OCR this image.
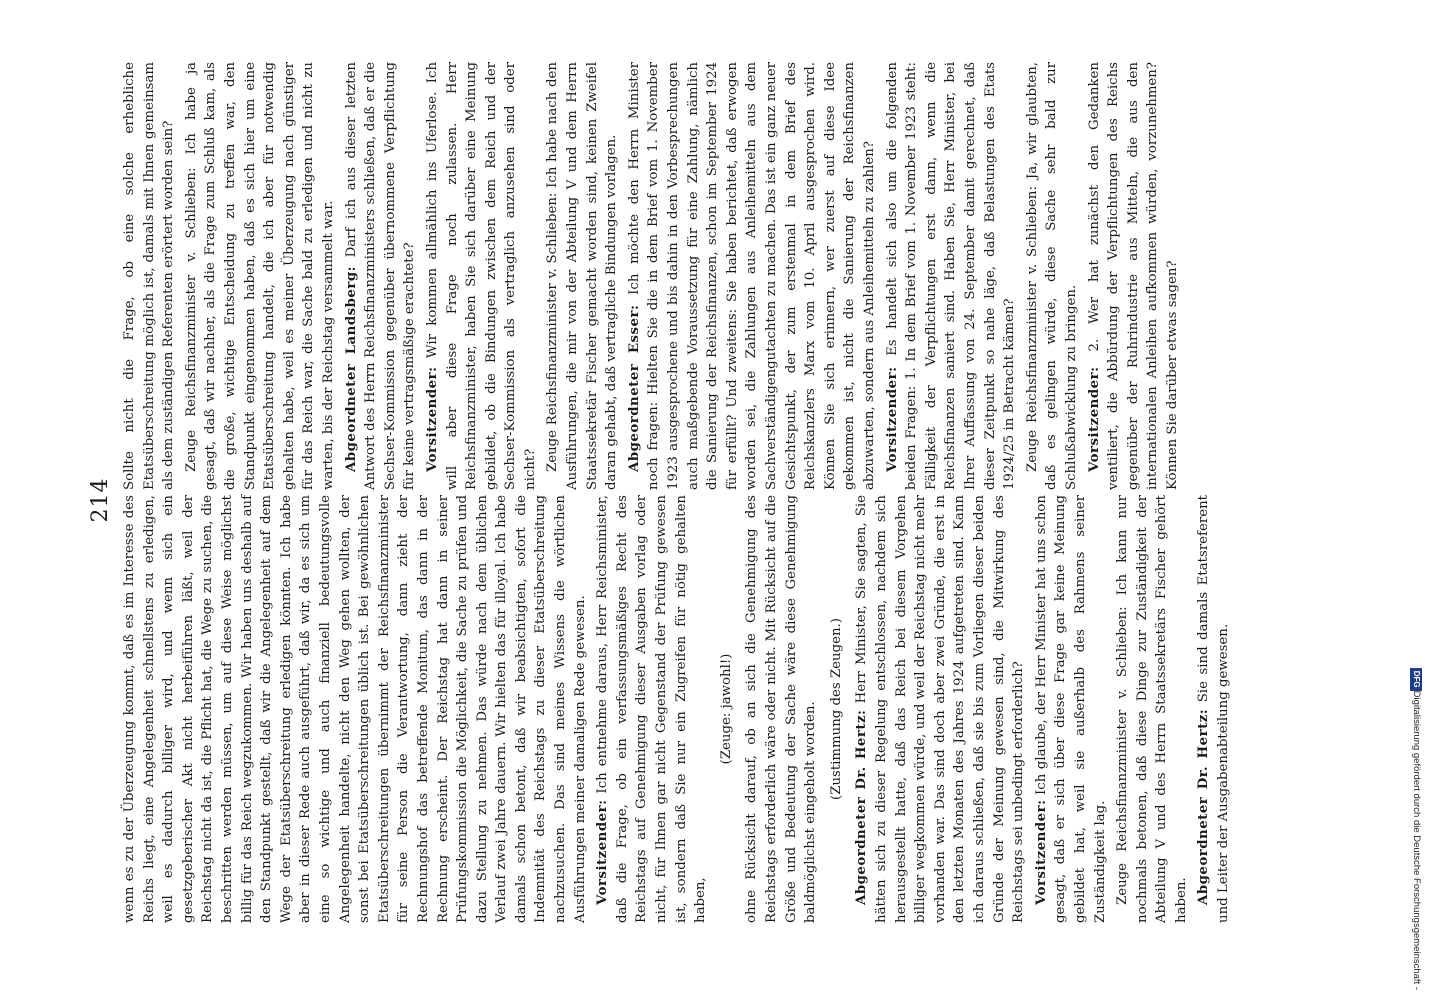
214 wenn es zu der Überzeugung kommt, daß es im Interesse des Reichs liegt, eine Angelegenheit schnellstens zu erledigen, weil es dadurch billiger wird, und wenn sich ein gesetzgeberischer Akt nicht herbeiführen läßt, weil der Reichstag nicht da ist, die Pflicht hat, die Wege zu suchen, die beschritten werden müssen, um auf diese Weise möglichst billig für das Reich wegzukommen. Wir haben uns deshalb auf den Standpunkt gestellt, daß wir die Angelegenheit auf dem Wege der Etatsüberschreitung erledigen könnten. Ich habe aber in dieser Rede auch ausgeführt, daß wir, da es sich um eine so wichtige und auch finanziell bedeutungsvolle Angelegenheit handelte, nicht den Weg gehen wollten, der sonst bei Etatsüberschreitungen üblich ist. Bei gewöhnlichen Etatsüberschreitungen übernimmt der Reichsfinanzminister für seine Person die Verantwortung, dann zieht der Rechnungshof das betreffende Monitum, das dann in der Rechnung erscheint. Der Reichstag hat dann in seiner Prüfungskommission die Möglichkeit, die Sache zu prüfen und dazu Stellung zu nehmen. Das würde nach dem üblichen Verlauf zwei Jahre dauern. Wir hielten das für illoyal. Ich habe damals schon betont, daß wir beabsichtigten, sofort die Indemnität des Reichstags zu dieser Etatsüberschreitung nachzusuchen. Das sind meines Wissens die wörtlichen Ausführungen meiner damaligen Rede gewesen. Vorsitzender: Ich entnehme daraus, Herr Reichsminister, daß die Frage, ob ein verfassungsmäßiges Recht des Reichstags auf Genehmigung dieser Ausgaben vorlag oder nicht, für Ihnen gar nicht Gegenstand der Prüfung gewesen ist, sondern daß Sie nur ein Zugreifen für nötig gehalten haben,

(Zeuge: jawohl!) ohne Rücksicht darauf, ob an sich die Genehmigung des Reichstags erforderlich wäre oder nicht. Mit Rücksicht auf die Größe und Bedeutung der Sache wäre diese Genehmigung baldmöglichst eingeholt worden. (Zustimmung des Zeugen.)

Abgeordneter Dr. Hertz: Herr Minister, Sie sagten, Sie hätten sich zu dieser Regelung entschlossen, nachdem sich herausgestellt hatte, daß das Reich bei diesem Vorgehen billiger wegkommen würde, und weil der Reichstag nicht mehr vorhanden war. Das sind doch aber zwei Gründe, die erst in den letzten Monaten des Jahres 1924 aufgetreten sind. Kann ich daraus schließen, daß sie bis zum Vorliegen dieser beiden Gründe der Meinung gewesen sind, die Mitwirkung des Reichstags sei unbedingt erforderlich? Vorsitzender: Ich glaube, der Herr Minister hat uns schon gesagt, daß er sich über diese Frage gar keine Meinung gebildet hat, weil sie außerhalb des Rahmens seiner Zuständigkeit lag. Zeuge Reichsfinanzminister v. Schlieben: Ich kann nur nochmals betonen, daß diese Dinge zur Zuständigkeit der Abteilung V und des Herrn Staatssekretärs Fischer gehört haben. Abgeordneter Dr. Hertz: Sie sind damals Etatsreferent und Leiter der Ausgabenabteilung gewesen.

Sollte nicht die Frage, ob eine solche erhebliche Etatsüberschreitung möglich ist, damals mit Ihnen gemeinsam als dem zuständigen Referenten erörtert worden sein? Zeuge Reichsfinanzminister v. Schlieben: Ich habe ja gesagt, daß wir nachher, als die Frage zum Schluß kam, als die große, wichtige Entscheidung zu treffen war, den Standpunkt eingenommen haben, daß es sich hier um eine Etatsüberschreitung handelt, die ich aber für notwendig gehalten habe, weil es meiner Überzeugung nach günstiger für das Reich war, die Sache bald zu erledigen und nicht zu warten, bis der Reichstag versammelt war. Abgeordneter Landsberg: Darf ich aus dieser letzten Antwort des Herrn Reichsfinanzministers schließen, daß er die Sechser-Kommission gegenüber übernommene Verpflichtung für keine vertragsmäßige erachtete? Vorsitzender: Wir kommen allmählich ins Uferlose. Ich will aber diese Frage noch zulassen. Herr Reichsfinanzminister, haben Sie sich darüber eine Meinung gebildet, ob die Bindungen zwischen dem Reich und der Sechser-Kommission als vertraglich anzusehen sind oder nicht? Zeuge Reichsfinanzminister v. Schlieben: Ich habe nach den Ausführungen, die mir von der Abteilung V und dem Herrn Staatssekretär Fischer gemacht worden sind, keinen Zweifel daran gehabt, daß vertragliche Bindungen vorlagen. Abgeordneter Esser: Ich möchte den Herrn Minister noch fragen: Hielten Sie die in dem Brief vom 1. November 1923 ausgesprochene und bis dahin in den Vorbesprechungen auch maßgebende Voraussetzung für eine Zahlung, nämlich die Sanierung der Reichsfinanzen, schon im September 1924 für erfüllt? Und zweitens: Sie haben berichtet, daß erwogen worden sei, die Zahlungen aus Anleihemitteln aus dem Sachverständigengutachten zu machen. Das ist ein ganz neuer Gesichtspunkt, der zum erstenmal in dem Brief des Reichskanzlers Marx vom 10. April ausgesprochen wird. Können Sie sich erinnern, wer zuerst auf diese Idee gekommen ist, nicht die Sanierung der Reichsfinanzen abzuwarten, sondern aus Anleihemitteln zu zahlen? Vorsitzender: Es handelt sich also um die folgenden beiden Fragen: 1. In dem Brief vom 1. November 1923 steht: Fälligkeit der Verpflichtungen erst dann, wenn die Reichsfinanzen saniert sind. Haben Sie, Herr Minister, bei Ihrer Auffassung von 24. September damit gerechnet, daß dieser Zeitpunkt so nahe läge, daß Belastungen des Etats 1924/25 in Betracht kämen? Zeuge Reichsfinanzminister v. Schlieben: Ja, wir glaubten, daß es gelingen würde, diese Sache sehr bald zur Schlußabwicklung zu bringen. Vorsitzender: 2. Wer hat zunächst den Gedanken ventiliert, die Abbürdung der Verpflichtungen des Reichs gegenüber der Ruhrindustrie aus Mitteln, die aus den internationalen Anleihen aufkommen würden, vorzunehmen? Können Sie darüber etwas sagen?

Digitalisierung gefördert durch die Deutsche Forschungsgemeinschaft -DFG
